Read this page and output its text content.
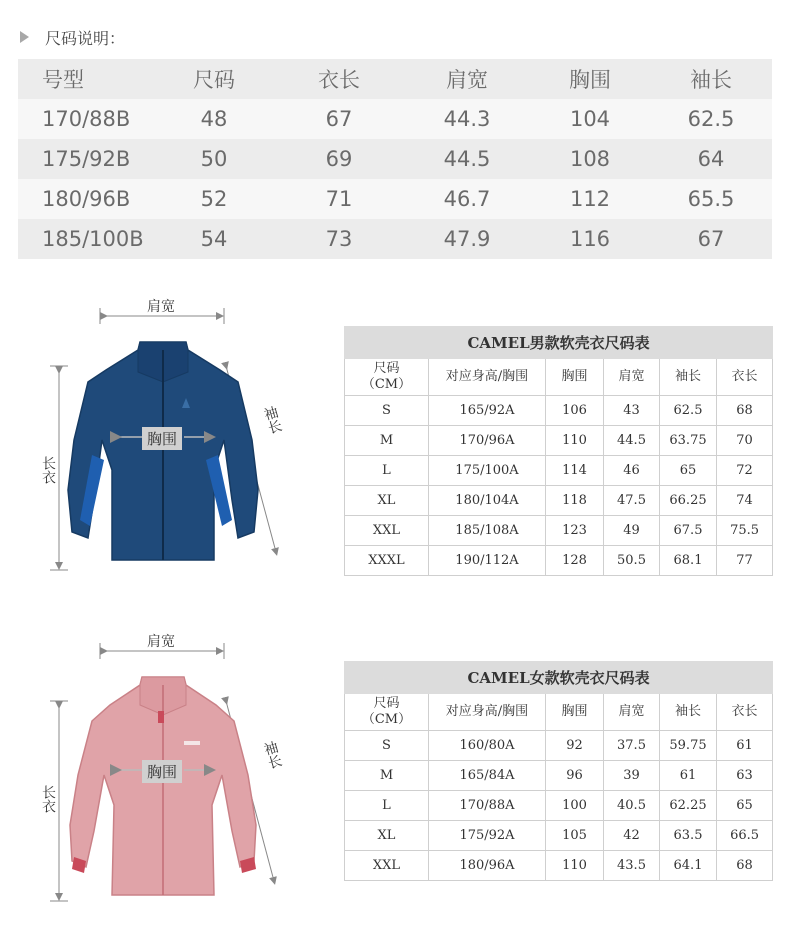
尺码说明：
号型	尺码	衣长	肩宽	胸围	袖长
170/88B	48	67	44.3	104	62.5
175/92B	50	69	44.5	108	64
180/96B	52	71	46.7	112	65.5
185/100B	54	73	47.9	116	67
肩宽
长衣
袖长
胸围
CAMEL男款软壳衣尺码表					
尺码
（CM）	对应身高/胸围	胸围	肩宽	袖长	衣长
S	165/92A	106	43	62.5	68
M	170/96A	110	44.5	63.75	70
L	175/100A	114	46	65	72
XL	180/104A	118	47.5	66.25	74
XXL	185/108A	123	49	67.5	75.5
XXXL	190/112A	128	50.5	68.1	77
肩宽
长衣
袖长
胸围
CAMEL女款软壳衣尺码表					
尺码
（CM）	对应身高/胸围	胸围	肩宽	袖长	衣长
S	160/80A	92	37.5	59.75	61
M	165/84A	96	39	61	63
L	170/88A	100	40.5	62.25	65
XL	175/92A	105	42	63.5	66.5
XXL	180/96A	110	43.5	64.1	68
